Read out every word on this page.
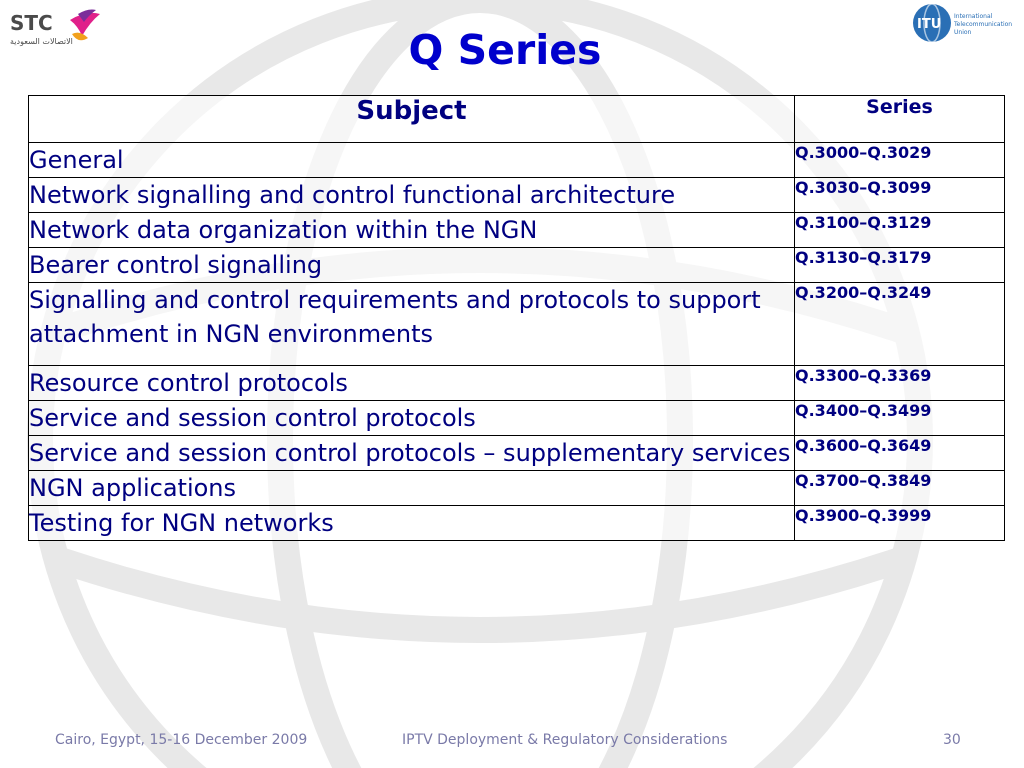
STC
الاتصالات السعودية
ITU
International
Telecommunication
Union
Q Series
Subject	Series
General	Q.3000–Q.3029
Network signalling and control functional architecture	Q.3030–Q.3099
Network data organization within the NGN	Q.3100–Q.3129
Bearer control signalling	Q.3130–Q.3179
Signalling and control requirements and protocols to support attachment in NGN environments	Q.3200–Q.3249
Resource control protocols	Q.3300–Q.3369
Service and session control protocols	Q.3400–Q.3499
Service and session control protocols – supplementary services	Q.3600–Q.3649
NGN applications	Q.3700–Q.3849
Testing for NGN networks	Q.3900–Q.3999
Cairo, Egypt, 15-16 December 2009	IPTV Deployment & Regulatory Considerations	30
